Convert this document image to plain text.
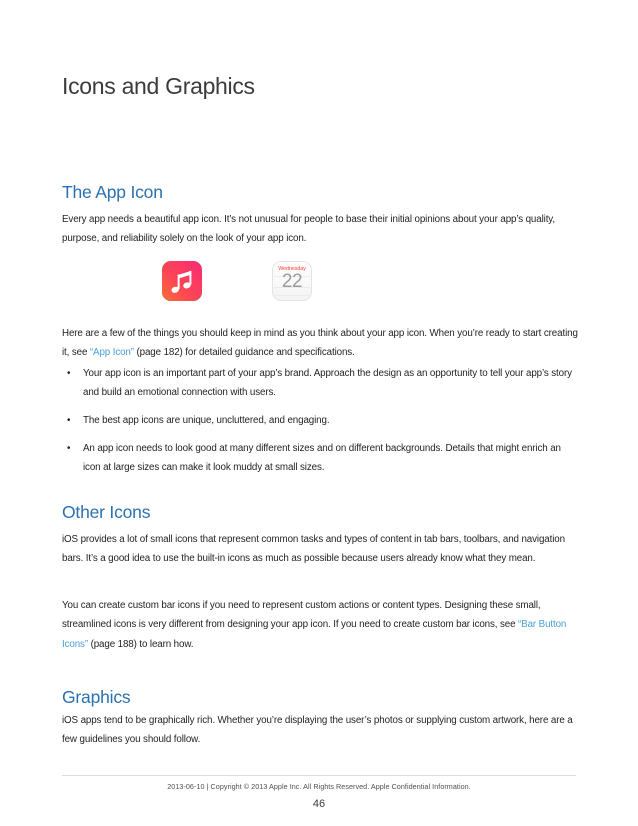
Icons and Graphics
The App Icon
Every app needs a beautiful app icon. It’s not unusual for people to base their initial opinions about your app’s quality, purpose, and reliability solely on the look of your app icon.
Wednesday
22
Here are a few of the things you should keep in mind as you think about your app icon. When you’re ready to start creating it, see “App Icon” (page 182) for detailed guidance and specifications.
• Your app icon is an important part of your app’s brand. Approach the design as an opportunity to tell your app’s story and build an emotional connection with users.
• The best app icons are unique, uncluttered, and engaging.
• An app icon needs to look good at many different sizes and on different backgrounds. Details that might enrich an icon at large sizes can make it look muddy at small sizes.
Other Icons
iOS provides a lot of small icons that represent common tasks and types of content in tab bars, toolbars, and navigation bars. It’s a good idea to use the built-in icons as much as possible because users already know what they mean.
You can create custom bar icons if you need to represent custom actions or content types. Designing these small, streamlined icons is very different from designing your app icon. If you need to create custom bar icons, see “Bar Button Icons” (page 188) to learn how.
Graphics
iOS apps tend to be graphically rich. Whether you’re displaying the user’s photos or supplying custom artwork, here are a few guidelines you should follow.
2013-06-10 | Copyright © 2013 Apple Inc. All Rights Reserved. Apple Confidential Information.
46
